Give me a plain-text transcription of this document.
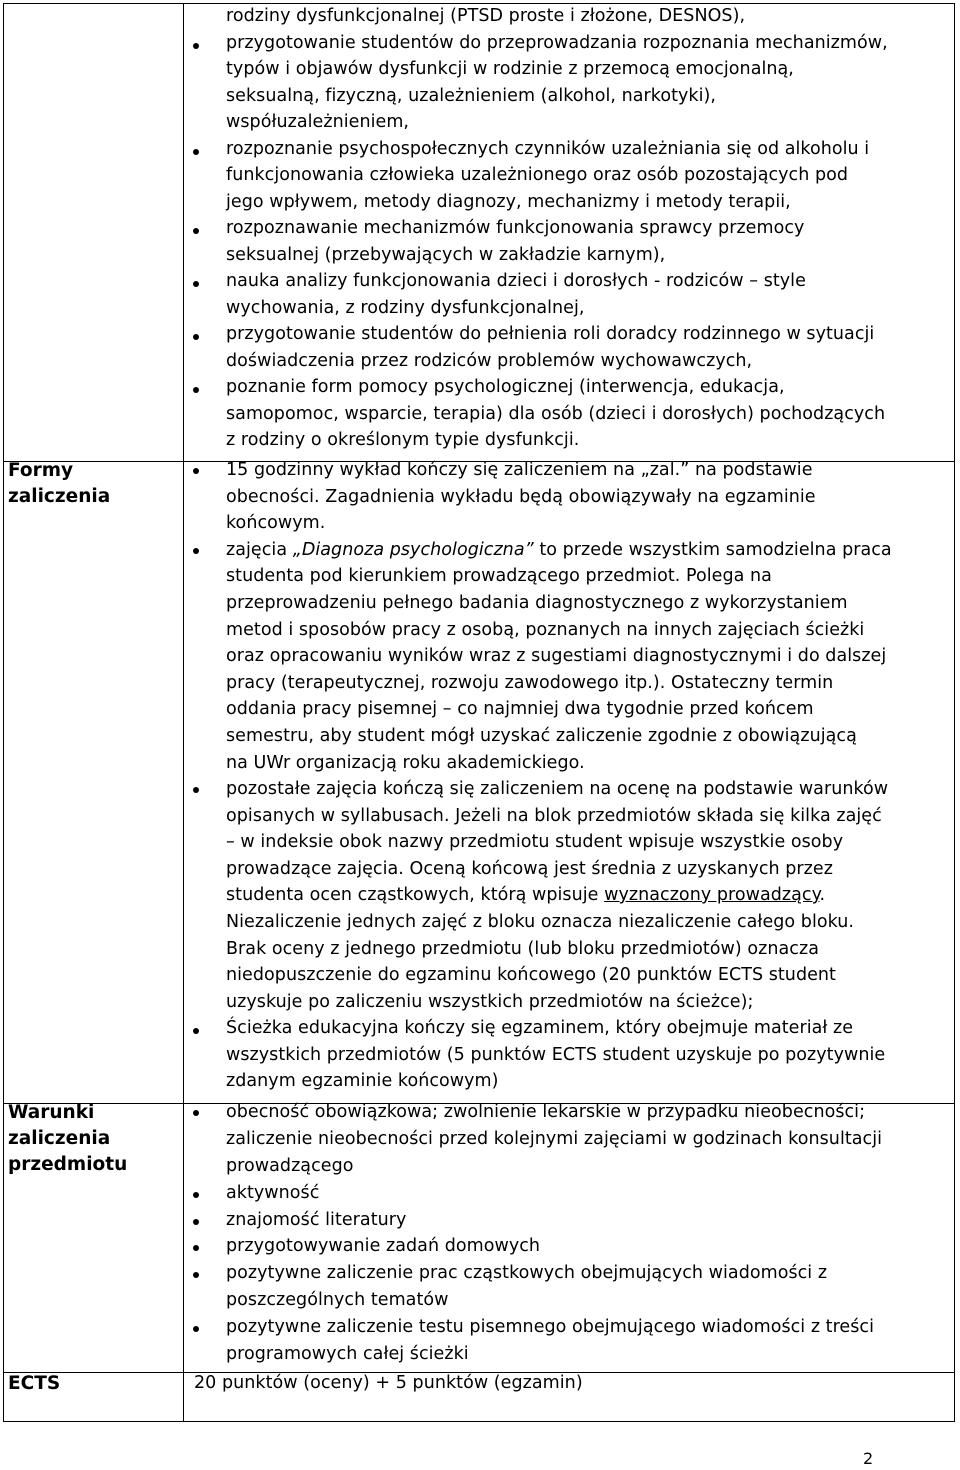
rodziny dysfunkcjonalnej (PTSD proste i złożone, DESNOS),
przygotowanie studentów do przeprowadzania rozpoznania mechanizmów,
typów i objawów dysfunkcji w rodzinie z przemocą emocjonalną,
seksualną, fizyczną, uzależnieniem (alkohol, narkotyki),
współuzależnieniem,
rozpoznanie psychospołecznych czynników uzależniania się od alkoholu i
funkcjonowania człowieka uzależnionego oraz osób pozostających pod
jego wpływem, metody diagnozy, mechanizmy i metody terapii,
rozpoznawanie mechanizmów funkcjonowania sprawcy przemocy
seksualnej (przebywających w zakładzie karnym),
nauka analizy funkcjonowania dzieci i dorosłych - rodziców – style
wychowania, z rodziny dysfunkcjonalnej,
przygotowanie studentów do pełnienia roli doradcy rodzinnego w sytuacji
doświadczenia przez rodziców problemów wychowawczych,
poznanie form pomocy psychologicznej (interwencja, edukacja,
samopomoc, wsparcie, terapia) dla osób (dzieci i dorosłych) pochodzących
z rodziny o określonym typie dysfunkcji.
Formy
zaliczenia
15 godzinny wykład kończy się zaliczeniem na „zal.” na podstawie
obecności. Zagadnienia wykładu będą obowiązywały na egzaminie
końcowym.
zajęcia „Diagnoza psychologiczna” to przede wszystkim samodzielna praca
studenta pod kierunkiem prowadzącego przedmiot. Polega na
przeprowadzeniu pełnego badania diagnostycznego z wykorzystaniem
metod i sposobów pracy z osobą, poznanych na innych zajęciach ścieżki
oraz opracowaniu wyników wraz z sugestiami diagnostycznymi i do dalszej
pracy (terapeutycznej, rozwoju zawodowego itp.). Ostateczny termin
oddania pracy pisemnej – co najmniej dwa tygodnie przed końcem
semestru, aby student mógł uzyskać zaliczenie zgodnie z obowiązującą
na UWr organizacją roku akademickiego.
pozostałe zajęcia kończą się zaliczeniem na ocenę na podstawie warunków
opisanych w syllabusach. Jeżeli na blok przedmiotów składa się kilka zajęć
– w indeksie obok nazwy przedmiotu student wpisuje wszystkie osoby
prowadzące zajęcia. Oceną końcową jest średnia z uzyskanych przez
studenta ocen cząstkowych, którą wpisuje wyznaczony prowadzący.
Niezaliczenie jednych zajęć z bloku oznacza niezaliczenie całego bloku.
Brak oceny z jednego przedmiotu (lub bloku przedmiotów) oznacza
niedopuszczenie do egzaminu końcowego (20 punktów ECTS student
uzyskuje po zaliczeniu wszystkich przedmiotów na ścieżce);
Ścieżka edukacyjna kończy się egzaminem, który obejmuje materiał ze
wszystkich przedmiotów (5 punktów ECTS student uzyskuje po pozytywnie
zdanym egzaminie końcowym)
Warunki
zaliczenia
przedmiotu
obecność obowiązkowa; zwolnienie lekarskie w przypadku nieobecności;
zaliczenie nieobecności przed kolejnymi zajęciami w godzinach konsultacji
prowadzącego
aktywność
znajomość literatury
przygotowywanie zadań domowych
pozytywne zaliczenie prac cząstkowych obejmujących wiadomości z
poszczególnych tematów
pozytywne zaliczenie testu pisemnego obejmującego wiadomości z treści
programowych całej ścieżki
ECTS	20 punktów (oceny) + 5 punktów (egzamin)
2
